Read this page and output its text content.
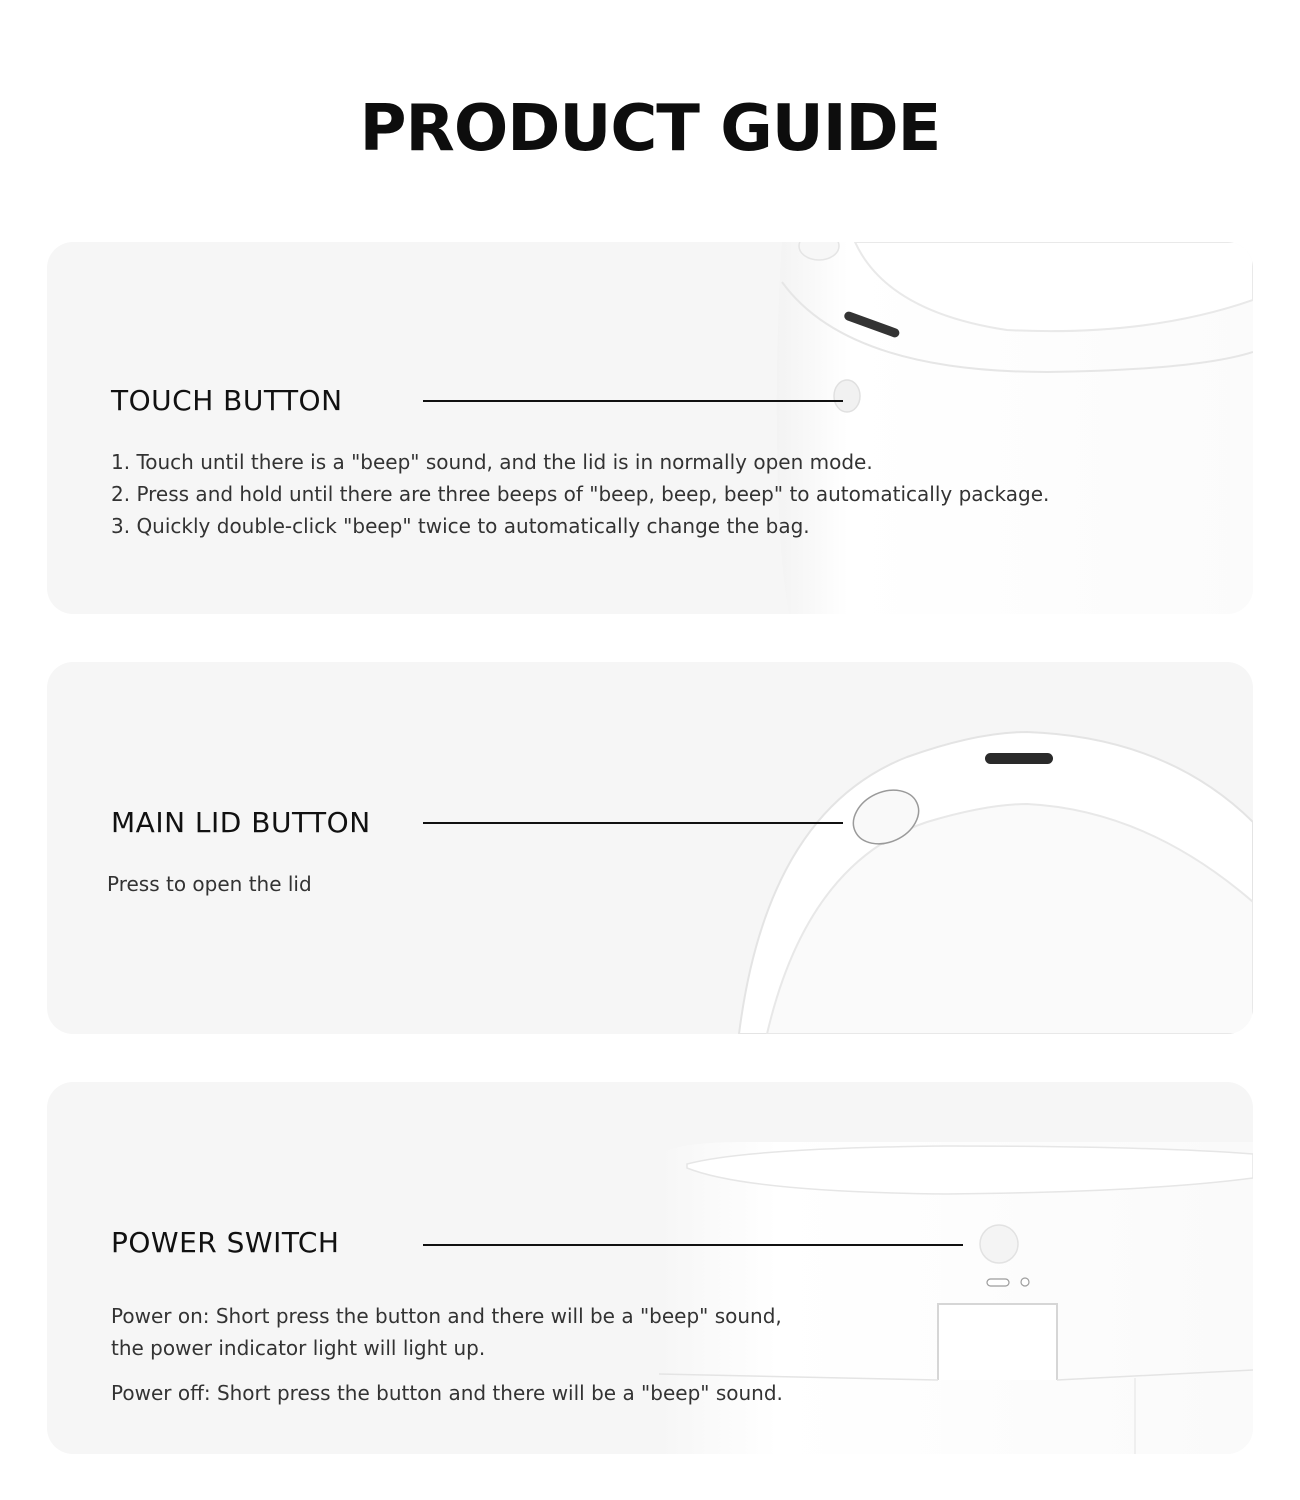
PRODUCT GUIDE
TOUCH BUTTON

1. Touch until there is a "beep" sound, and the lid is in normally open mode.

2. Press and hold until there are three beeps of "beep, beep, beep" to automatically package.

3. Quickly double-click "beep" twice to automatically change the bag.

MAIN LID BUTTON

Press to open the lid

POWER SWITCH

Power on: Short press the button and there will be a "beep" sound,

the power indicator light will light up.

Power off: Short press the button and there will be a "beep" sound.
